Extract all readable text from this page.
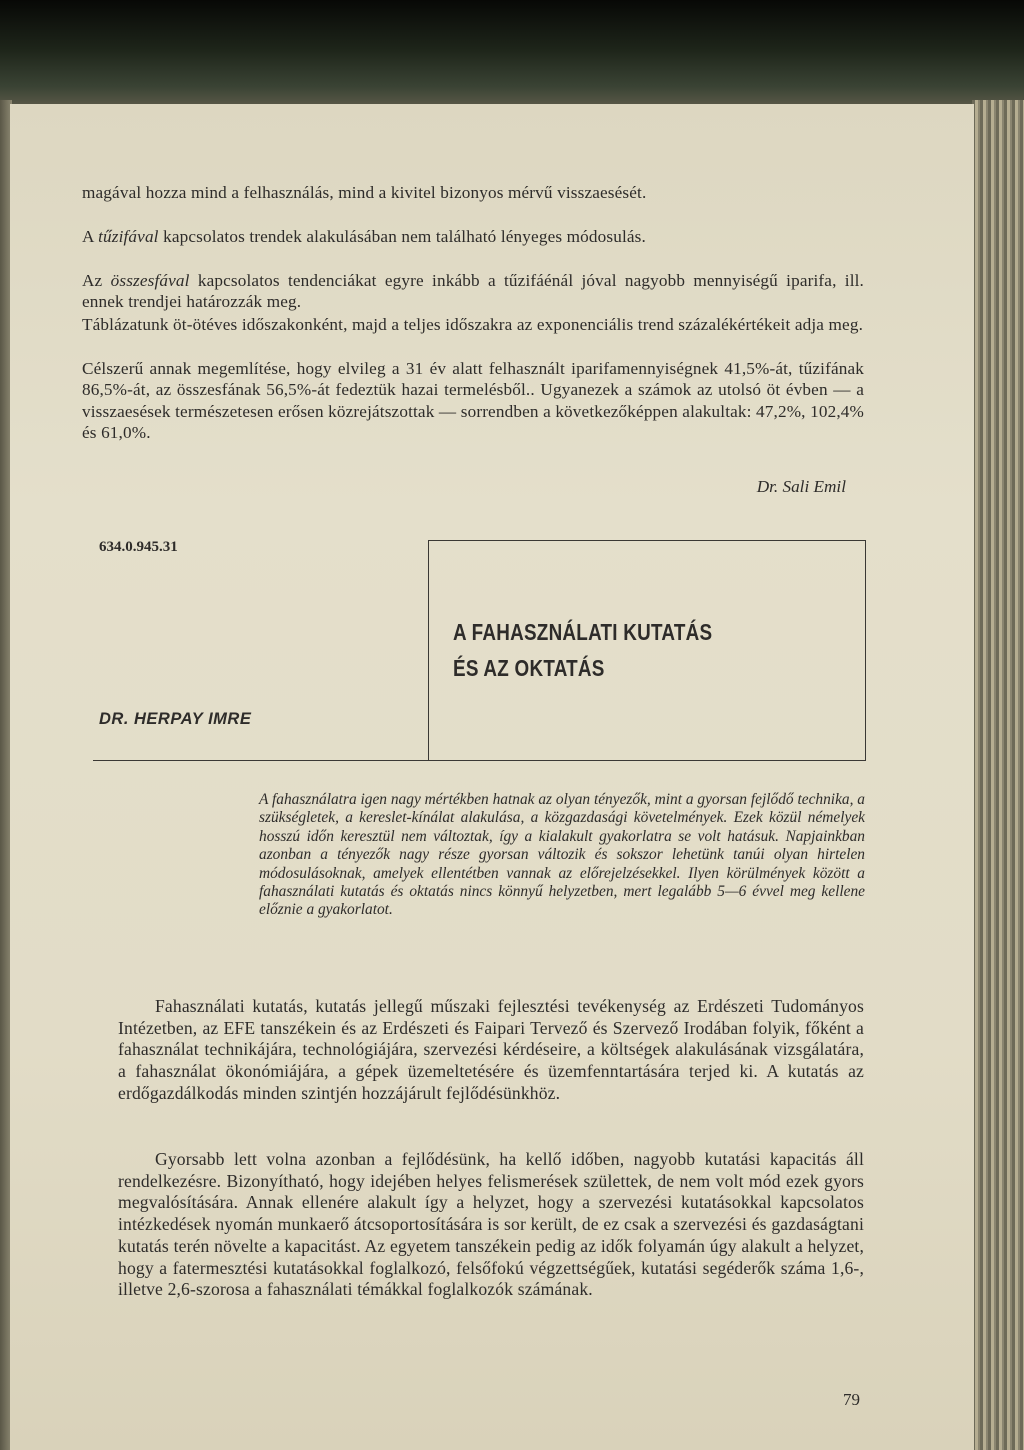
magával hozza mind a felhasználás, mind a kivitel bizonyos mérvű visszaesését.

A tűzifával kapcsolatos trendek alakulásában nem található lényeges módosulás.

Az összesfával kapcsolatos tendenciákat egyre inkább a tűzifáénál jóval nagyobb mennyiségű iparifa, ill. ennek trendjei határozzák meg.

Táblázatunk öt-ötéves időszakonként, majd a teljes időszakra az exponenciális trend százalékértékeit adja meg.

Célszerű annak megemlítése, hogy elvileg a 31 év alatt felhasznált iparifamennyiségnek 41,5%-át, tűzifának 86,5%-át, az összesfának 56,5%-át fedeztük hazai termelésből.. Ugyanezek a számok az utolsó öt évben — a visszaesések természetesen erősen közrejátszottak — sorrendben a következőképpen alakultak: 47,2%, 102,4% és 61,0%.

Dr. Sali Emil
634.0.945.31
A FAHASZNÁLATI KUTATÁS
ÉS AZ OKTATÁS
DR. HERPAY IMRE

A fahasználatra igen nagy mértékben hatnak az olyan tényezők, mint a gyorsan fejlődő technika, a szükségletek, a kereslet-kínálat alakulása, a közgazdasági követelmények. Ezek közül némelyek hosszú időn keresztül nem változtak, így a kialakult gyakorlatra se volt hatásuk. Napjainkban azonban a tényezők nagy része gyorsan változik és sokszor lehetünk tanúi olyan hirtelen módosulásoknak, amelyek ellentétben vannak az előrejelzésekkel. Ilyen körülmények között a fahasználati kutatás és oktatás nincs könnyű helyzetben, mert legalább 5—6 évvel meg kellene előznie a gyakorlatot.

Fahasználati kutatás, kutatás jellegű műszaki fejlesztési tevékenység az Erdészeti Tudományos Intézetben, az EFE tanszékein és az Erdészeti és Faipari Tervező és Szervező Irodában folyik, főként a fahasználat technikájára, technológiájára, szervezési kérdéseire, a költségek alakulásának vizsgálatára, a fahasználat ökonómiájára, a gépek üzemeltetésére és üzemfenntartására terjed ki. A kutatás az erdőgazdálkodás minden szintjén hozzájárult fejlődésünkhöz.

Gyorsabb lett volna azonban a fejlődésünk, ha kellő időben, nagyobb kutatási kapacitás áll rendelkezésre. Bizonyítható, hogy idejében helyes felismerések születtek, de nem volt mód ezek gyors megvalósítására. Annak ellenére alakult így a helyzet, hogy a szervezési kutatásokkal kapcsolatos intézkedések nyomán munkaerő átcsoportosítására is sor került, de ez csak a szervezési és gazdaságtani kutatás terén növelte a kapacitást. Az egyetem tanszékein pedig az idők folyamán úgy alakult a helyzet, hogy a fatermesztési kutatásokkal foglalkozó, felsőfokú végzettségűek, kutatási segéderők száma 1,6-, illetve 2,6-szorosa a fahasználati témákkal foglalkozók számának.

79
